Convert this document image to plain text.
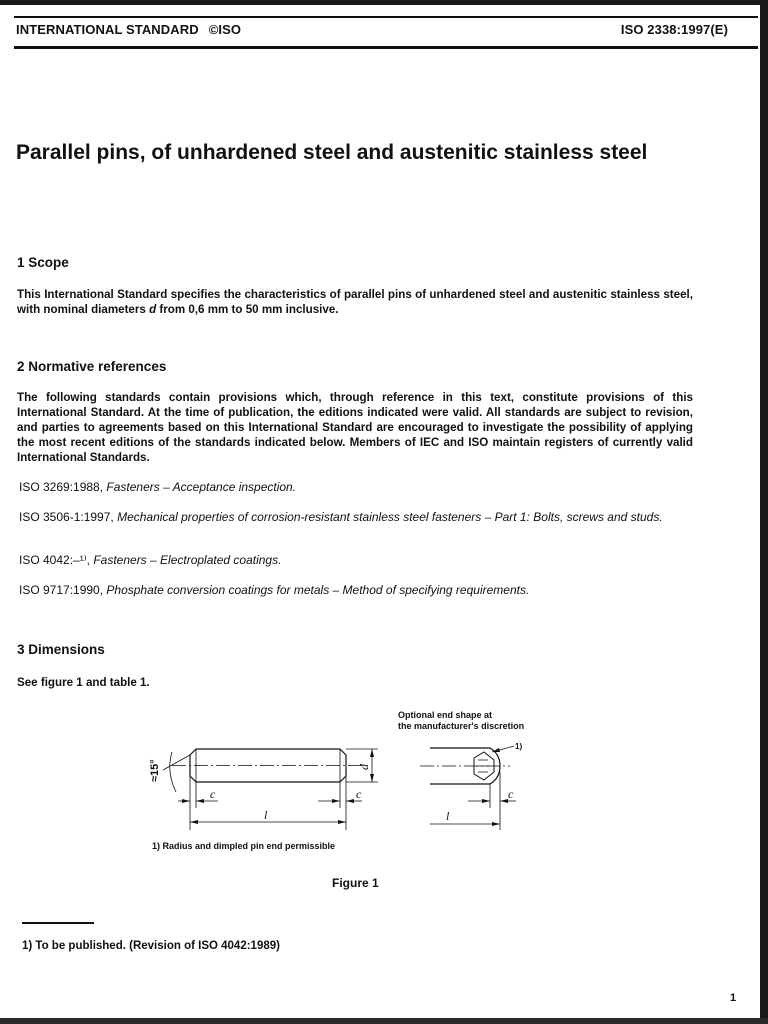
INTERNATIONAL STANDARD ©ISO	ISO 2338:1997(E)
Parallel pins, of unhardened steel and austenitic stainless steel
1 Scope

This International Standard specifies the characteristics of parallel pins of unhardened steel and austenitic stainless steel, with nominal diameters d from 0,6 mm to 50 mm inclusive.

2 Normative references

The following standards contain provisions which, through reference in this text, constitute provisions of this International Standard. At the time of publication, the editions indicated were valid. All standards are subject to revision, and parties to agreements based on this International Standard are encouraged to investigate the possibility of applying the most recent editions of the standards indicated below. Members of IEC and ISO maintain registers of currently valid International Standards.

ISO 3269:1988, Fasteners – Acceptance inspection.

ISO 3506-1:1997, Mechanical properties of corrosion-resistant stainless steel fasteners – Part 1: Bolts, screws and studs.

ISO 4042:–¹⁾, Fasteners – Electroplated coatings.

ISO 9717:1990, Phosphate conversion coatings for metals – Method of specifying requirements.

3 Dimensions

See figure 1 and table 1.

Optional end shape at
the manufacturer's discretion

≈15°
c	c
l
d
c
l
1)

1) Radius and dimpled pin end permissible

Figure 1

1) To be published. (Revision of ISO 4042:1989)

1
